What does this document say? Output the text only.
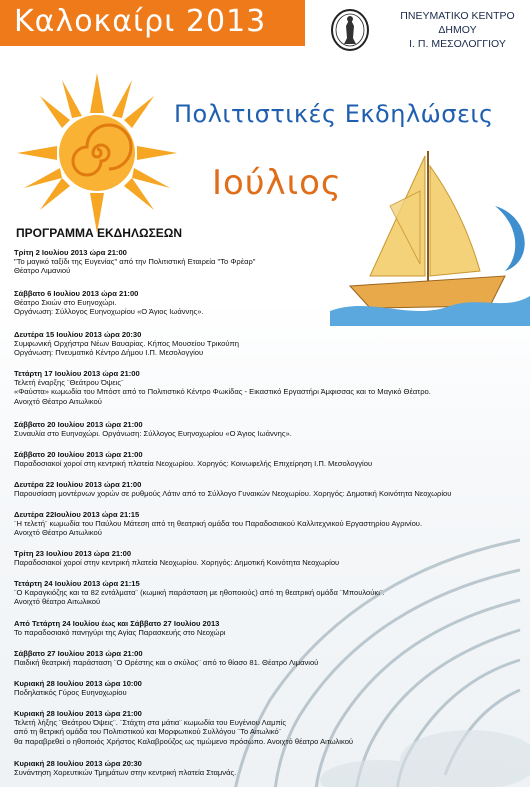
Καλοκαίρι 2013	ΠΝΕΥΜΑΤΙΚΟ ΚΕΝΤΡΟ
ΔΗΜΟΥ
Ι. Π. ΜΕΣΟΛΟΓΓΙΟΥ
Πολιτιστικές Εκδηλώσεις
Ιούλιος
ΠΡΟΓΡΑΜΜΑ ΕΚΔΗΛΩΣΕΩΝ
Τρίτη 2 Ιουλίου 2013 ώρα 21:00
"Το μαγικό ταξίδι της Ευγενίας" από την Πολιτιστική Εταιρεία "Το Φρέαρ"
Θέατρο Λιμανιού
Σάββατο 6 Ιουλίου 2013 ώρα 21:00
Θέατρο Σκιών στο Ευηνοχώρι.
Οργάνωση: Σύλλογος Ευηνοχωρίου «Ο Άγιος Ιωάννης».
Δευτέρα 15 Ιουλίου 2013 ώρα 20:30
Συμφωνική Ορχήστρα Νέων Βαυαρίας. Κήπος Μουσείου Τρικούπη
Οργάνωση: Πνευματικό Κέντρο Δήμου Ι.Π. Μεσολογγίου
Τετάρτη 17 Ιουλίου 2013 ώρα 21:00
Τελετή έναρξης ¨Θεάτρου Όψεις¨
«Φαύστα» κωμωδία του Μπόστ από το Πολιτιστικό Κέντρο Φωκίδας - Εικαστικό Εργαστήρι Άμφισσας και το Μαγικό Θέατρο.
Ανοιχτό Θέατρο Αιτωλικού
Σάββατο 20 Ιουλίου 2013 ώρα 21:00
Συναυλία στο Ευηνοχώρι. Οργάνωση: Σύλλογος Ευηνοχωρίου «Ο Άγιος Ιωάννης».
Σάββατο 20 Ιουλίου 2013 ώρα 21:00
Παραδοσιακοί χοροί στη κεντρική πλατεία Νεοχωρίου. Χορηγός: Κοινωφελής Επιχείρηση Ι.Π. Μεσολογγίου
Δευτέρα 22 Ιουλίου 2013 ώρα 21:00
Παρουσίαση μοντέρνων χορών σε ρυθμούς Λάτιν από το Σύλλογο Γυναικών Νεοχωρίου. Χορηγός: Δημοτική Κοινότητα Νεοχωρίου
Δευτέρα 22Ιουλίου 2013 ώρα 21:15
¨Η τελετή¨ κωμωδία του Παύλου Μάτεση από τη θεατρική ομάδα του Παραδοσιακού Καλλιτεχνικού Εργαστηρίου Αγρινίου.
Ανοιχτό Θέατρο Αιτωλικού
Τρίτη 23 Ιουλίου 2013 ώρα 21:00
Παραδοσιακοί χοροί στην κεντρική πλατεία Νεοχωρίου. Χορηγός: Δημοτική Κοινότητα Νεοχωρίου
Τετάρτη 24 Ιουλίου 2013 ώρα 21:15
¨Ο Καραγκιόζης και τα 82 εντάλματα¨ (κωμική παράσταση με ηθοποιούς) από τη θεατρική ομάδα ¨Μπουλούκι¨.
Ανοιχτό θέατρο Αιτωλικού
Από Τετάρτη 24 Ιουλίου έως και Σάββατο 27 Ιουλίου 2013
Το παραδοσιακό πανηγύρι της Αγίας Παρασκευής στο Νεοχώρι
Σάββατο 27 Ιουλίου 2013 ώρα 21:00
Παιδική θεατρική παράσταση ¨Ο Ορέστης και ο σκύλος¨ από το θίασο 81. Θέατρο Λιμανιού
Κυριακή 28 Ιουλίου 2013 ώρα 10:00
Ποδηλατικός Γύρος Ευηνοχωρίου
Κυριακή 28 Ιουλίου 2013 ώρα 21:00
Τελετή λήξης ¨Θεάτρου Όψεις¨. ¨Στάχτη στα μάτια¨ κωμωδία του Ευγένιου Λαμπίς
από τη θετρική ομάδα του Πολιτιστικού και Μορφωτικού Συλλόγου ¨Το Αιτωλικό¨
θα παραβρεθεί ο ηθοποιός Χρήστος Καλαβρούζος ως τιμώμενο πρόσωπο. Ανοιχτό θέατρο Αιτωλικού
Κυριακή 28 Ιουλίου 2013 ώρα 20:30
Συνάντηση Χορευτικών Τμημάτων στην κεντρική πλατεία Σταμνάς.
